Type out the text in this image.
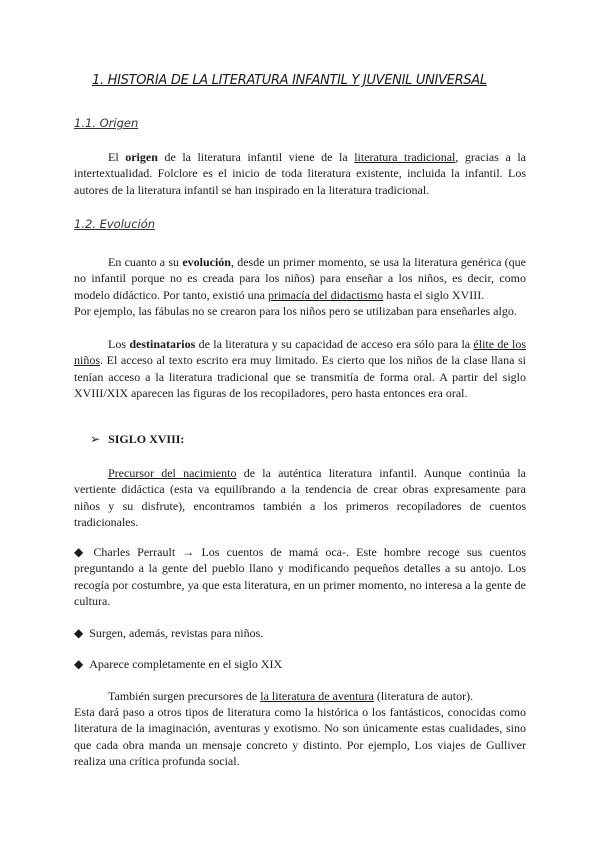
1. HISTORIA DE LA LITERATURA INFANTIL Y JUVENIL UNIVERSAL
1.1. Origen

El origen de la literatura infantil viene de la literatura tradicional, gracias a la intertextualidad. Folclore es el inicio de toda literatura existente, incluida la infantil. Los autores de la literatura infantil se han inspirado en la literatura tradicional.

1.2. Evolución

En cuanto a su evolución, desde un primer momento, se usa la literatura genérica (que no infantil porque no es creada para los niños) para enseñar a los niños, es decir, como modelo didáctico. Por tanto, existió una primacía del didactismo hasta el siglo XVIII.

Por ejemplo, las fábulas no se crearon para los niños pero se utilizaban para enseñarles algo.

Los destinatarios de la literatura y su capacidad de acceso era sólo para la élite de los niños. El acceso al texto escrito era muy limitado. Es cierto que los niños de la clase llana si tenían acceso a la literatura tradicional que se transmitía de forma oral. A partir del siglo XVIII/XIX aparecen las figuras de los recopiladores, pero hasta entonces era oral.

➢ SIGLO XVIII:

Precursor del nacimiento de la auténtica literatura infantil. Aunque continúa la vertiente didáctica (esta va equilibrando a la tendencia de crear obras expresamente para niños y su disfrute), encontramos también a los primeros recopiladores de cuentos tradicionales.

◆ Charles Perrault → Los cuentos de mamá oca-. Este hombre recoge sus cuentos preguntando a la gente del pueblo llano y modificando pequeños detalles a su antojo. Los recogía por costumbre, ya que esta literatura, en un primer momento, no interesa a la gente de cultura.

◆ Surgen, además, revistas para niños.

◆ Aparece completamente en el siglo XIX

También surgen precursores de la literatura de aventura (literatura de autor).

Esta dará paso a otros tipos de literatura como la histórica o los fantásticos, conocidas como literatura de la imaginación, aventuras y exotismo. No son únicamente estas cualidades, sino que cada obra manda un mensaje concreto y distinto. Por ejemplo, Los viajes de Gulliver realiza una crítica profunda social.
